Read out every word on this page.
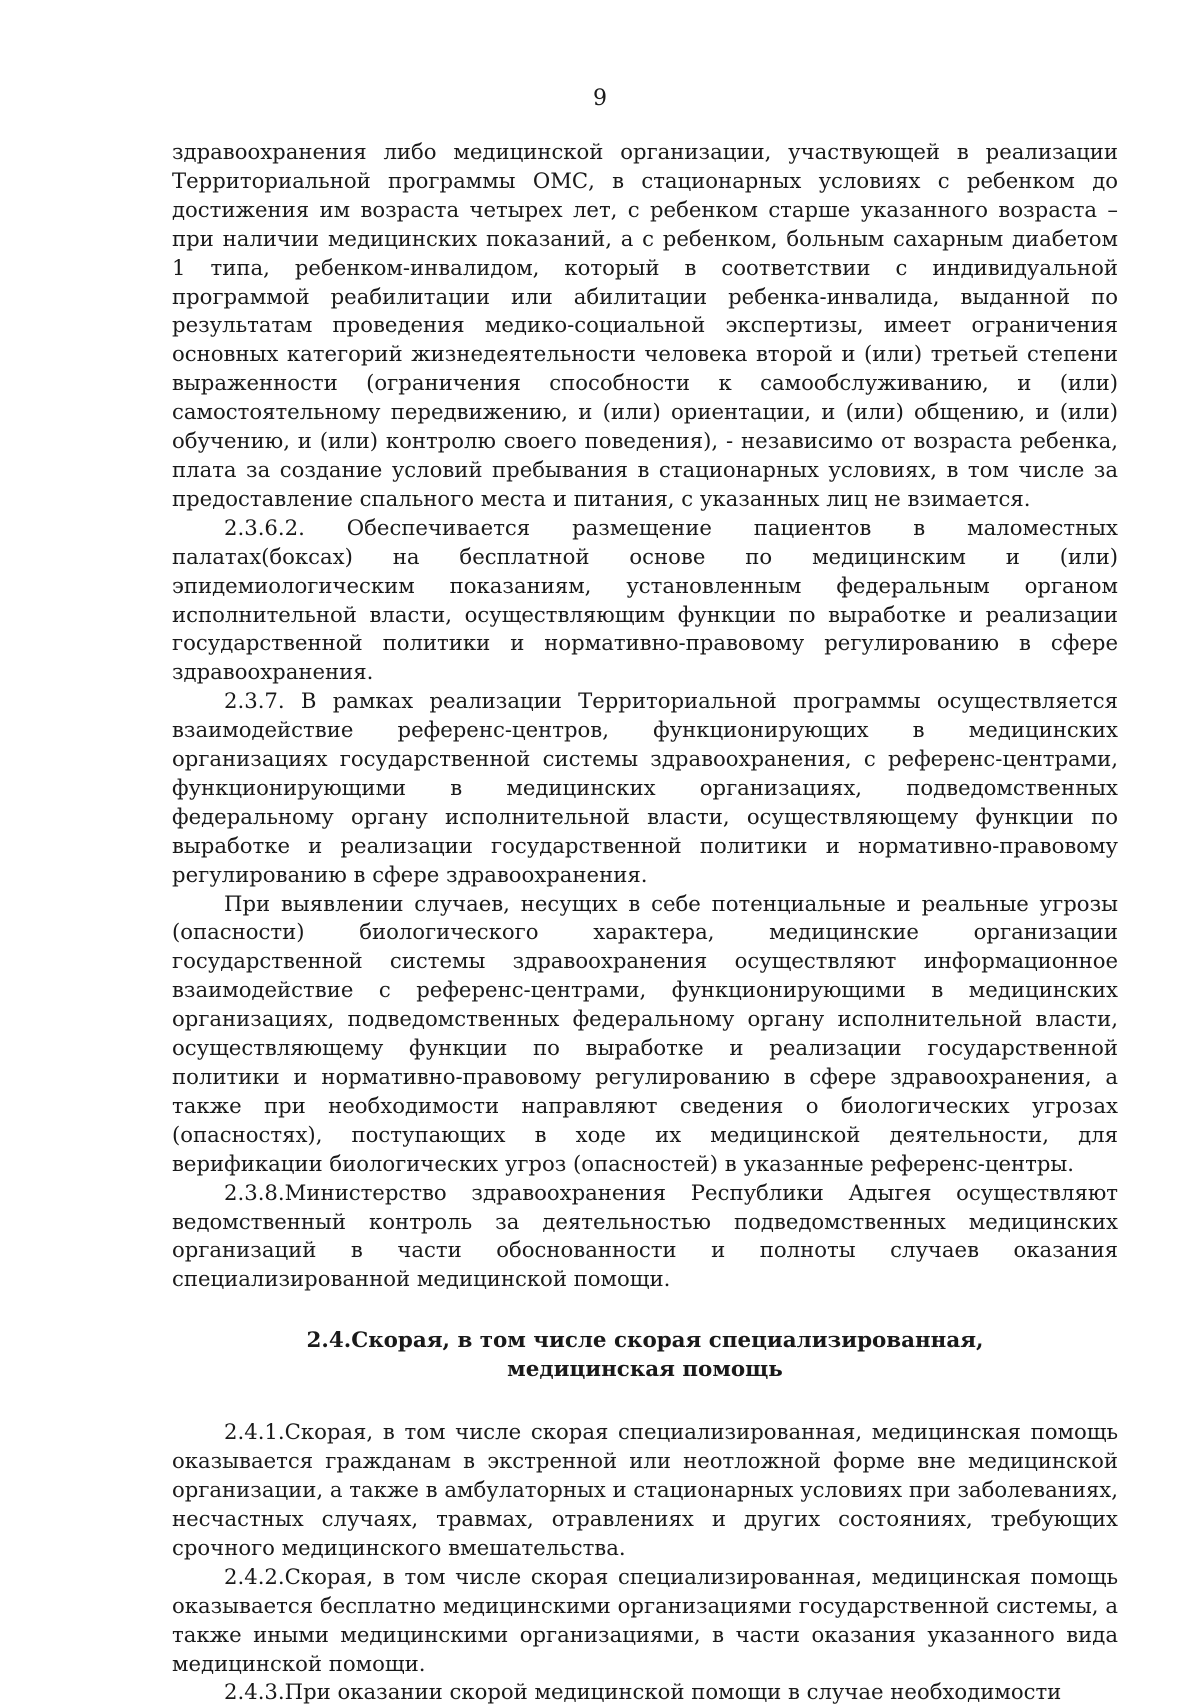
9

здравоохранения либо медицинской организации, участвующей в реализации Территориальной программы ОМС, в стационарных условиях с ребенком до достижения им возраста четырех лет, с ребенком старше указанного возраста – при наличии медицинских показаний, а с ребенком, больным сахарным диабетом 1 типа, ребенком-инвалидом, который в соответствии с индивидуальной программой реабилитации или абилитации ребенка-инвалида, выданной по результатам проведения медико-социальной экспертизы, имеет ограничения основных категорий жизнедеятельности человека второй и (или) третьей степени выраженности (ограничения способности к самообслуживанию, и (или) самостоятельному передвижению, и (или) ориентации, и (или) общению, и (или) обучению, и (или) контролю своего поведения), - независимо от возраста ребенка, плата за создание условий пребывания в стационарных условиях, в том числе за предоставление спального места и питания, с указанных лиц не взимается.

2.3.6.2. Обеспечивается размещение пациентов в маломестных палатах(боксах) на бесплатной основе по медицинским и (или) эпидемиологическим показаниям, установленным федеральным органом исполнительной власти, осуществляющим функции по выработке и реализации государственной политики и нормативно-правовому регулированию в сфере здравоохранения.

2.3.7. В рамках реализации Территориальной программы осуществляется взаимодействие референс-центров, функционирующих в медицинских организациях государственной системы здравоохранения, с референс-центрами, функционирующими в медицинских организациях, подведомственных федеральному органу исполнительной власти, осуществляющему функции по выработке и реализации государственной политики и нормативно-правовому регулированию в сфере здравоохранения.

При выявлении случаев, несущих в себе потенциальные и реальные угрозы (опасности) биологического характера, медицинские организации государственной системы здравоохранения осуществляют информационное взаимодействие с референс-центрами, функционирующими в медицинских организациях, подведомственных федеральному органу исполнительной власти, осуществляющему функции по выработке и реализации государственной политики и нормативно-правовому регулированию в сфере здравоохранения, а также при необходимости направляют сведения о биологических угрозах (опасностях), поступающих в ходе их медицинской деятельности, для верификации биологических угроз (опасностей) в указанные референс-центры.

2.3.8.Министерство здравоохранения Республики Адыгея осуществляют ведомственный контроль за деятельностью подведомственных медицинских организаций в части обоснованности и полноты случаев оказания специализированной медицинской помощи.

2.4.Скорая, в том числе скорая специализированная,
медицинская помощь

2.4.1.Скорая, в том числе скорая специализированная, медицинская помощь оказывается гражданам в экстренной или неотложной форме вне медицинской организации, а также в амбулаторных и стационарных условиях при заболеваниях, несчастных случаях, травмах, отравлениях и других состояниях, требующих срочного медицинского вмешательства.

2.4.2.Скорая, в том числе скорая специализированная, медицинская помощь оказывается бесплатно медицинскими организациями государственной системы, а также иными медицинскими организациями, в части оказания указанного вида медицинской помощи.

2.4.3.При оказании скорой медицинской помощи в случае необходимости
